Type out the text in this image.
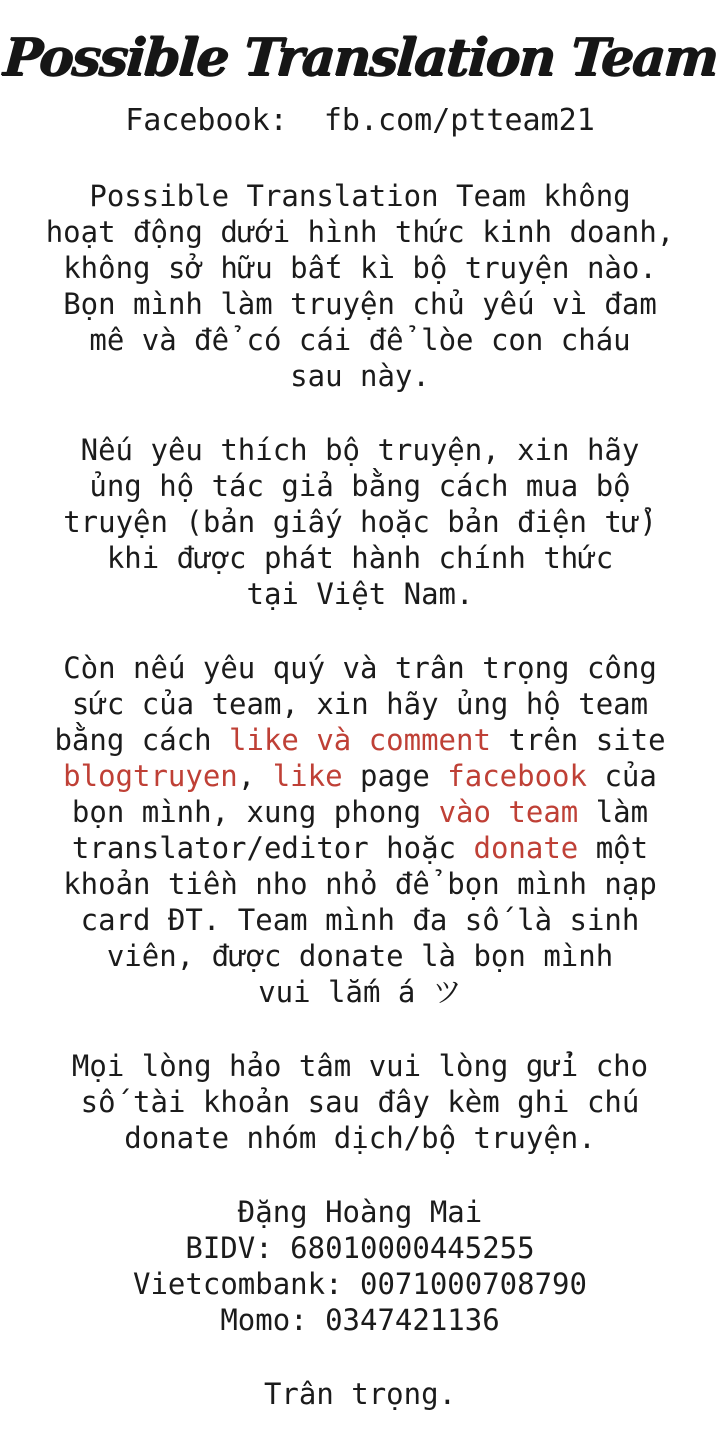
Possible Translation Team
Facebook:  fb.com/ptteam21
Possible Translation Team không
hoạt động dưới hình thức kinh doanh,
không sở hữu bất kì bộ truyện nào.
Bọn mình làm truyện chủ yếu vì đam
mê và để có cái để lòe con cháu
sau này.
Nếu yêu thích bộ truyện, xin hãy
ủng hộ tác giả bằng cách mua bộ
truyện (bản giấy hoặc bản điện tử)
khi được phát hành chính thức
tại Việt Nam.
Còn nếu yêu quý và trân trọng công
sức của team, xin hãy ủng hộ team
bằng cách like và comment trên site
blogtruyen, like page facebook của
bọn mình, xung phong vào team làm
translator/editor hoặc donate một
khoản tiền nho nhỏ để bọn mình nạp
card ĐT. Team mình đa số là sinh
viên, được donate là bọn mình
vui lắm á ツ
Mọi lòng hảo tâm vui lòng gửi cho
số tài khoản sau đây kèm ghi chú
donate nhóm dịch/bộ truyện.
Đặng Hoàng Mai
BIDV: 68010000445255
Vietcombank: 0071000708790
Momo: 0347421136
Trân trọng.
